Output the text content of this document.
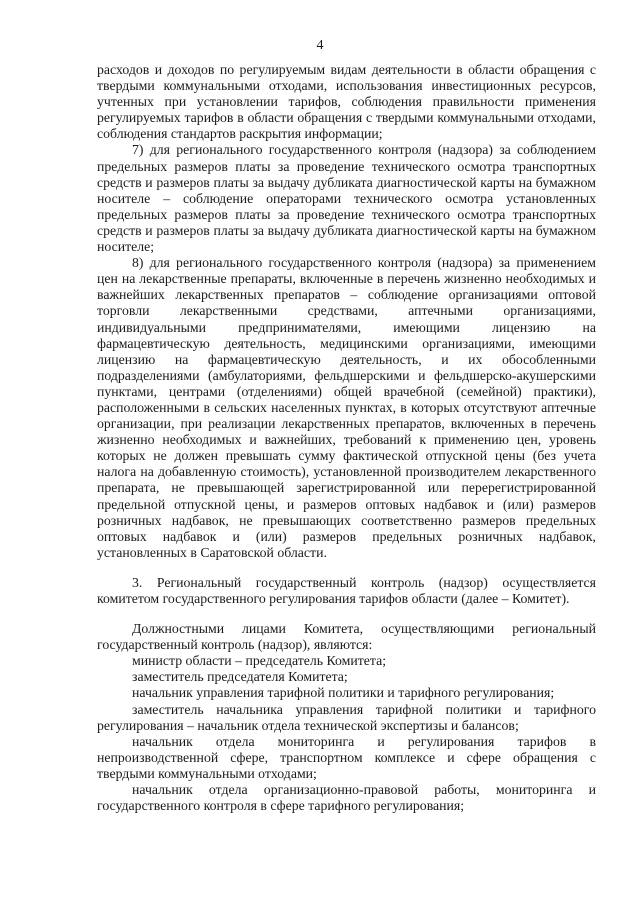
4

расходов и доходов по регулируемым видам деятельности в области обращения с твердыми коммунальными отходами, использования инвестиционных ресурсов, учтенных при установлении тарифов, соблюдения правильности применения регулируемых тарифов в области обращения с твердыми коммунальными отходами, соблюдения стандартов раскрытия информации;

7) для регионального государственного контроля (надзора) за соблюдением предельных размеров платы за проведение технического осмотра транспортных средств и размеров платы за выдачу дубликата диагностической карты на бумажном носителе – соблюдение операторами технического осмотра установленных предельных размеров платы за проведение технического осмотра транспортных средств и размеров платы за выдачу дубликата диагностической карты на бумажном носителе;

8) для регионального государственного контроля (надзора) за применением цен на лекарственные препараты, включенные в перечень жизненно необходимых и важнейших лекарственных препаратов – соблюдение организациями оптовой торговли лекарственными средствами, аптечными организациями, индивидуальными предпринимателями, имеющими лицензию на фармацевтическую деятельность, медицинскими организациями, имеющими лицензию на фармацевтическую деятельность, и их обособленными подразделениями (амбулаториями, фельдшерскими и фельдшерско-акушерскими пунктами, центрами (отделениями) общей врачебной (семейной) практики), расположенными в сельских населенных пунктах, в которых отсутствуют аптечные организации, при реализации лекарственных препаратов, включенных в перечень жизненно необходимых и важнейших, требований к применению цен, уровень которых не должен превышать сумму фактической отпускной цены (без учета налога на добавленную стоимость), установленной производителем лекарственного препарата, не превышающей зарегистрированной или перерегистрированной предельной отпускной цены, и размеров оптовых надбавок и (или) размеров розничных надбавок, не превышающих соответственно размеров предельных оптовых надбавок и (или) размеров предельных розничных надбавок, установленных в Саратовской области.

3. Региональный государственный контроль (надзор) осуществляется комитетом государственного регулирования тарифов области (далее – Комитет).

Должностными лицами Комитета, осуществляющими региональный государственный контроль (надзор), являются:

министр области – председатель Комитета;

заместитель председателя Комитета;

начальник управления тарифной политики и тарифного регулирования;

заместитель начальника управления тарифной политики и тарифного регулирования – начальник отдела технической экспертизы и балансов;

начальник отдела мониторинга и регулирования тарифов в непроизводственной сфере, транспортном комплексе и сфере обращения с твердыми коммунальными отходами;

начальник отдела организационно-правовой работы, мониторинга и государственного контроля в сфере тарифного регулирования;
